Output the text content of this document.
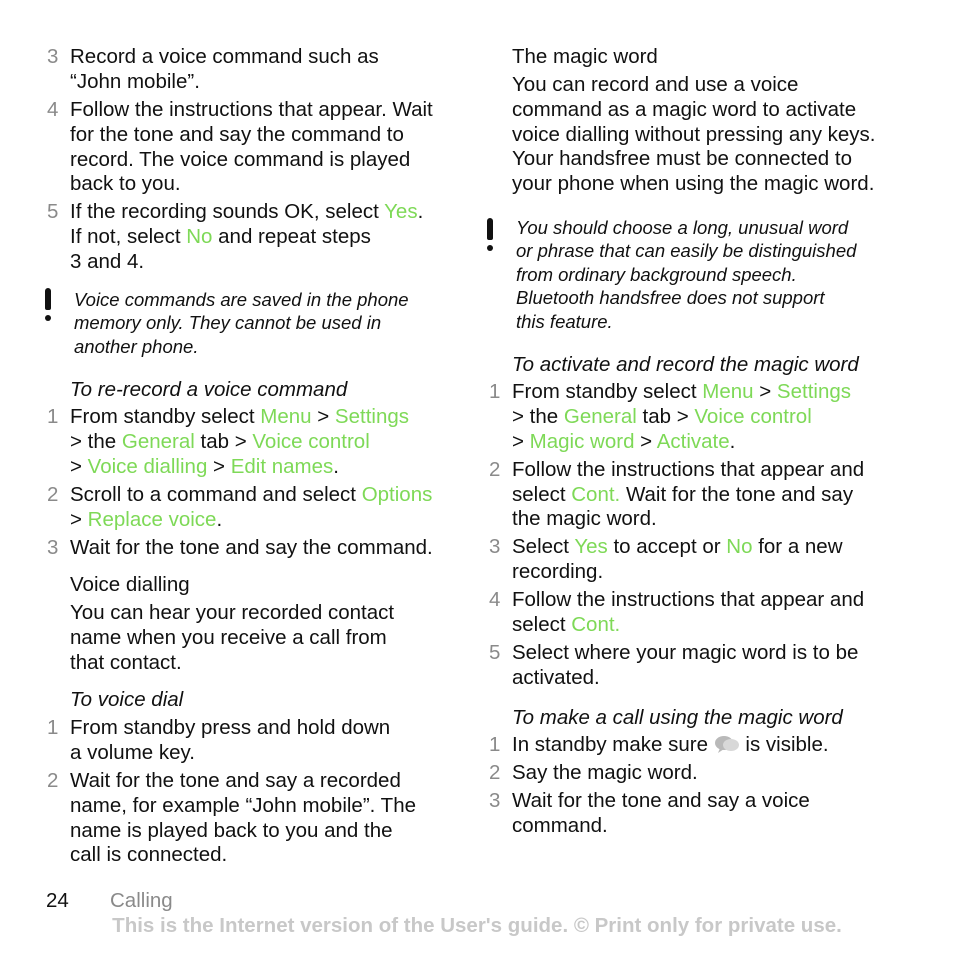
3 Record a voice command such as
“John mobile”.
4 Follow the instructions that appear. Wait
for the tone and say the command to
record. The voice command is played
back to you.
5 If the recording sounds OK, select Yes.
If not, select No and repeat steps
3 and 4.
Voice commands are saved in the phone
memory only. They cannot be used in
another phone.
To re-record a voice command
1 From standby select Menu > Settings
> the General tab > Voice control
> Voice dialling > Edit names.
2 Scroll to a command and select Options
> Replace voice.
3 Wait for the tone and say the command.
Voice dialling
You can hear your recorded contact
name when you receive a call from
that contact.
To voice dial
1 From standby press and hold down
a volume key.
2 Wait for the tone and say a recorded
name, for example “John mobile”. The
name is played back to you and the
call is connected.
The magic word
You can record and use a voice
command as a magic word to activate
voice dialling without pressing any keys.
Your handsfree must be connected to
your phone when using the magic word.
You should choose a long, unusual word
or phrase that can easily be distinguished
from ordinary background speech.
Bluetooth handsfree does not support
this feature.
To activate and record the magic word
1 From standby select Menu > Settings
> the General tab > Voice control
> Magic word > Activate.
2 Follow the instructions that appear and
select Cont. Wait for the tone and say
the magic word.
3 Select Yes to accept or No for a new
recording.
4 Follow the instructions that appear and
select Cont.
5 Select where your magic word is to be
activated.
To make a call using the magic word
1 In standby make sure  is visible.
2 Say the magic word.
3 Wait for the tone and say a voice
command.
24 Calling
This is the Internet version of the User's guide. © Print only for private use.
